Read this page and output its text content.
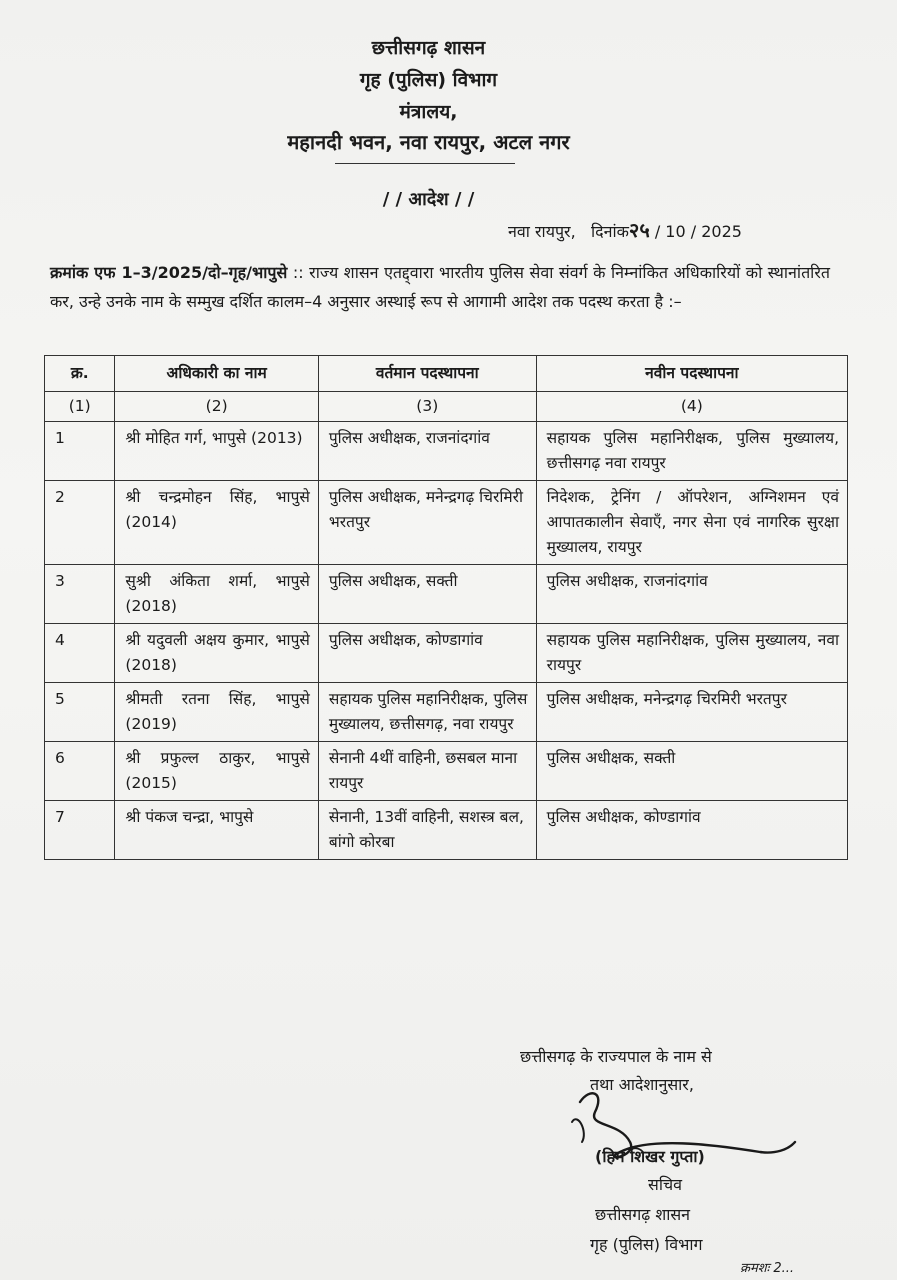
छत्तीसगढ़ शासन
गृह (पुलिस) विभाग
मंत्रालय,
महानदी भवन, नवा रायपुर, अटल नगर
/ / आदेश / /
नवा रायपुर, दिनांक२५ / 10 / 2025
क्रमांक एफ 1–3/2025/दो–गृह/भापुसे :: राज्य शासन एतद्द्वारा भारतीय पुलिस सेवा संवर्ग के निम्नांकित अधिकारियों को स्थानांतरित कर, उन्हे उनके नाम के सम्मुख दर्शित कालम–4 अनुसार अस्थाई रूप से आगामी आदेश तक पदस्थ करता है :–
क्र.	अधिकारी का नाम	वर्तमान पदस्थापना	नवीन पदस्थापना
(1)	(2)	(3)	(4)
1	श्री मोहित गर्ग, भापुसे (2013)	पुलिस अधीक्षक, राजनांदगांव	सहायक पुलिस महानिरीक्षक, पुलिस मुख्यालय, छत्तीसगढ़ नवा रायपुर
2	श्री चन्द्रमोहन सिंह, भापुसे (2014)	पुलिस अधीक्षक, मनेन्द्रगढ़ चिरमिरी भरतपुर	निदेशक, ट्रेनिंग / ऑपरेशन, अग्निशमन एवं आपातकालीन सेवाएँ, नगर सेना एवं नागरिक सुरक्षा मुख्यालय, रायपुर
3	सुश्री अंकिता शर्मा, भापुसे (2018)	पुलिस अधीक्षक, सक्ती	पुलिस अधीक्षक, राजनांदगांव
4	श्री यदुवली अक्षय कुमार, भापुसे (2018)	पुलिस अधीक्षक, कोण्डागांव	सहायक पुलिस महानिरीक्षक, पुलिस मुख्यालय, नवा रायपुर
5	श्रीमती रतना सिंह, भापुसे (2019)	सहायक पुलिस महानिरीक्षक, पुलिस मुख्यालय, छत्तीसगढ़, नवा रायपुर	पुलिस अधीक्षक, मनेन्द्रगढ़ चिरमिरी भरतपुर
6	श्री प्रफुल्ल ठाकुर, भापुसे (2015)	सेनानी 4थीं वाहिनी, छसबल माना रायपुर	पुलिस अधीक्षक, सक्ती
7	श्री पंकज चन्द्रा, भापुसे	सेनानी, 13वीं वाहिनी, सशस्त्र बल, बांगो कोरबा	पुलिस अधीक्षक, कोण्डागांव
छत्तीसगढ़ के राज्यपाल के नाम से
तथा आदेशानुसार,
(हिम शिखर गुप्ता)
सचिव
छत्तीसगढ़ शासन
गृह (पुलिस) विभाग
क्रमशः 2...
